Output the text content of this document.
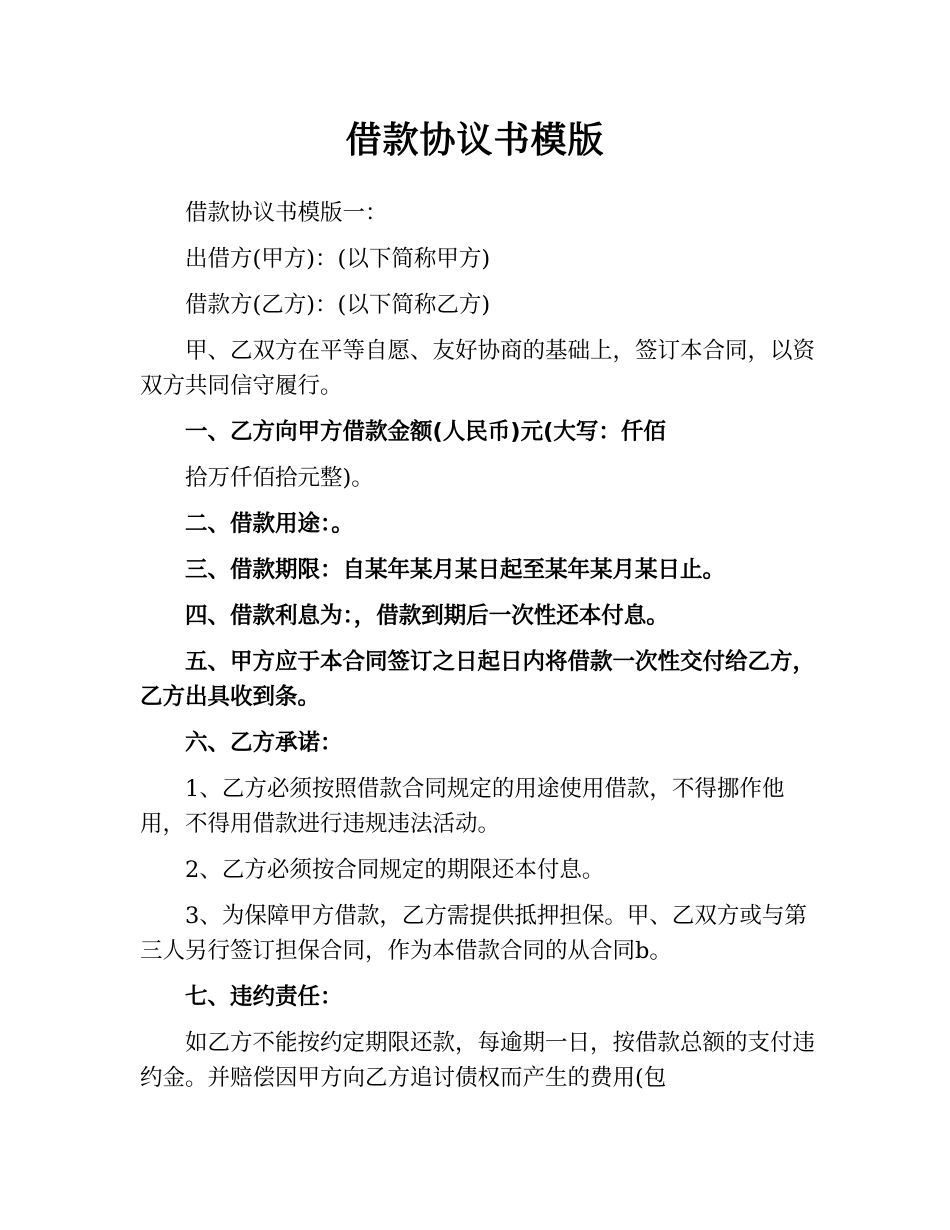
借款协议书模版

借款协议书模版一：

出借方(甲方)：(以下简称甲方)

借款方(乙方)：(以下简称乙方)

甲、乙双方在平等自愿、友好协商的基础上，签订本合同，以资双方共同信守履行。

一、乙方向甲方借款金额(人民币)元(大写：仟佰

拾万仟佰拾元整)。

二、借款用途：。

三、借款期限：自某年某月某日起至某年某月某日止。

四、借款利息为：，借款到期后一次性还本付息。

五、甲方应于本合同签订之日起日内将借款一次性交付给乙方，乙方出具收到条。

六、乙方承诺：

1、乙方必须按照借款合同规定的用途使用借款，不得挪作他用，不得用借款进行违规违法活动。

2、乙方必须按合同规定的期限还本付息。

3、为保障甲方借款，乙方需提供抵押担保。甲、乙双方或与第三人另行签订担保合同，作为本借款合同的从合同b。

七、违约责任：

如乙方不能按约定期限还款，每逾期一日，按借款总额的支付违约金。并赔偿因甲方向乙方追讨债权而产生的费用(包
